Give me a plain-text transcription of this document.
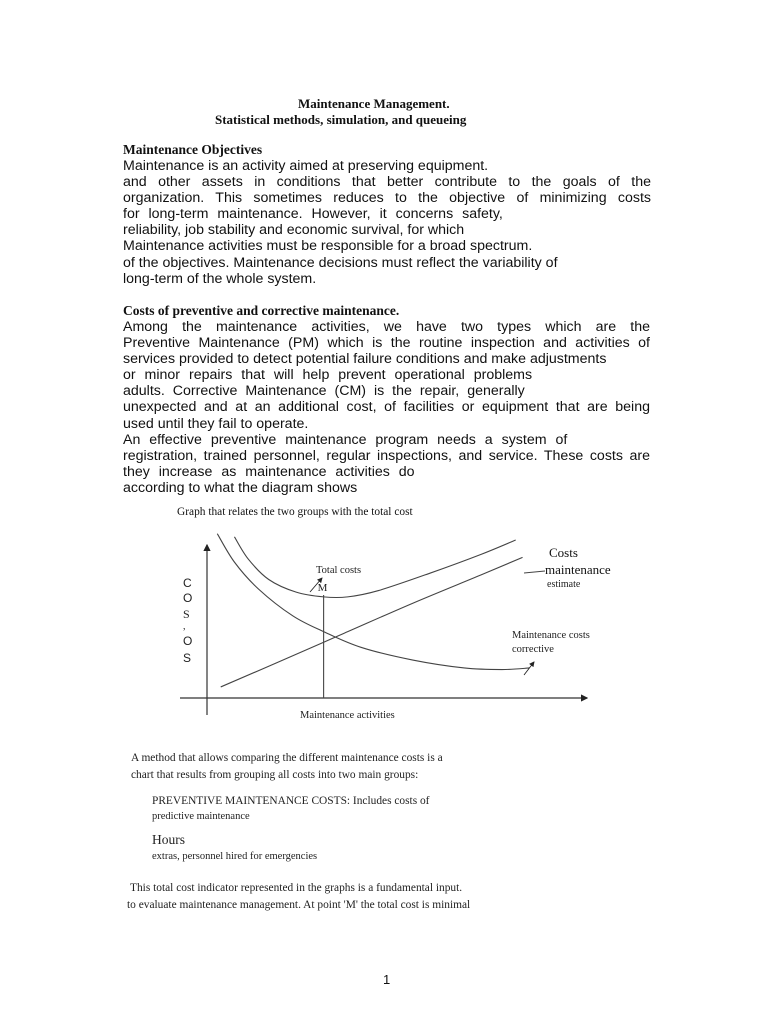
Maintenance Management.
Statistical methods, simulation, and queueing
Maintenance Objectives
Maintenance is an activity aimed at preserving equipment.
and other assets in conditions that better contribute to the goals of the
organization. This sometimes reduces to the objective of minimizing costs
for long-term maintenance. However, it concerns safety,
reliability, job stability and economic survival, for which
Maintenance activities must be responsible for a broad spectrum.
of the objectives. Maintenance decisions must reflect the variability of
long-term of the whole system.
Costs of preventive and corrective maintenance.
Among the maintenance activities, we have two types which are the
Preventive Maintenance (PM) which is the routine inspection and activities of
services provided to detect potential failure conditions and make adjustments
or minor repairs that will help prevent operational problems
adults. Corrective Maintenance (CM) is the repair, generally
unexpected and at an additional cost, of facilities or equipment that are being
used until they fail to operate.
An effective preventive maintenance program needs a system of
registration, trained personnel, regular inspections, and service. These costs are
they increase as maintenance activities do
according to what the diagram shows
Graph that relates the two groups with the total cost
M
Total costs
Costs
maintenance
estimate
Maintenance costs
corrective
C
O
S
,
O
S
Maintenance activities
A method that allows comparing the different maintenance costs is a
chart that results from grouping all costs into two main groups:
PREVENTIVE MAINTENANCE COSTS: Includes costs of
predictive maintenance
Hours
extras, personnel hired for emergencies
This total cost indicator represented in the graphs is a fundamental input.
to evaluate maintenance management. At point 'M' the total cost is minimal
1
